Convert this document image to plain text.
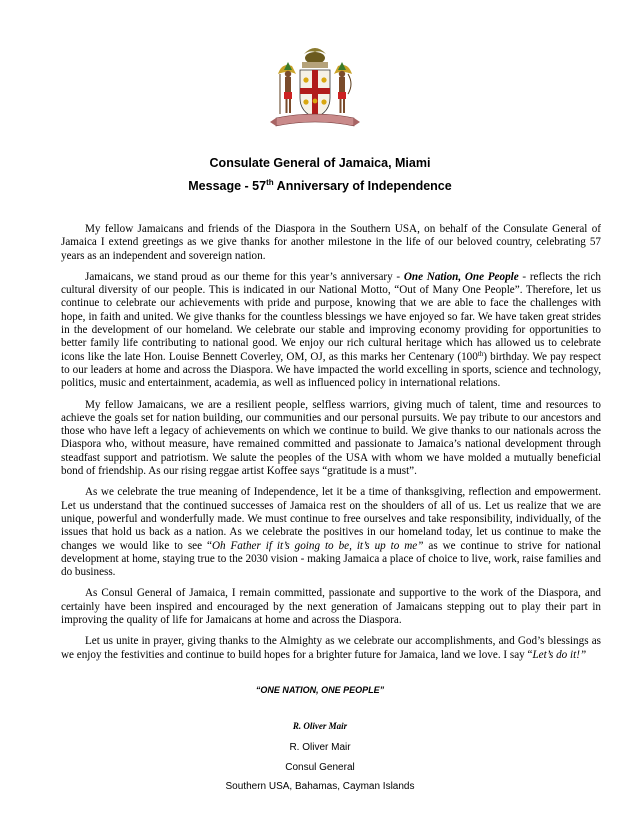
Consulate General of Jamaica, Miami
Message - 57th Anniversary of Independence

My fellow Jamaicans and friends of the Diaspora in the Southern USA, on behalf of the Consulate General of Jamaica I extend greetings as we give thanks for another milestone in the life of our beloved country, celebrating 57 years as an independent and sovereign nation.

Jamaicans, we stand proud as our theme for this year’s anniversary - One Nation, One People - reflects the rich cultural diversity of our people. This is indicated in our National Motto, “Out of Many One People”. Therefore, let us continue to celebrate our achievements with pride and purpose, knowing that we are able to face the challenges with hope, in faith and united. We give thanks for the countless blessings we have enjoyed so far. We have taken great strides in the development of our homeland. We celebrate our stable and improving economy providing for opportunities to better family life contributing to national good. We enjoy our rich cultural heritage which has allowed us to celebrate icons like the late Hon. Louise Bennett Coverley, OM, OJ, as this marks her Centenary (100th) birthday. We pay respect to our leaders at home and across the Diaspora. We have impacted the world excelling in sports, science and technology, politics, music and entertainment, academia, as well as influenced policy in international relations.

My fellow Jamaicans, we are a resilient people, selfless warriors, giving much of talent, time and resources to achieve the goals set for nation building, our communities and our personal pursuits. We pay tribute to our ancestors and those who have left a legacy of achievements on which we continue to build. We give thanks to our nationals across the Diaspora who, without measure, have remained committed and passionate to Jamaica’s national development through steadfast support and patriotism. We salute the peoples of the USA with whom we have molded a mutually beneficial bond of friendship. As our rising reggae artist Koffee says “gratitude is a must”.

As we celebrate the true meaning of Independence, let it be a time of thanksgiving, reflection and empowerment. Let us understand that the continued successes of Jamaica rest on the shoulders of all of us. Let us realize that we are unique, powerful and wonderfully made. We must continue to free ourselves and take responsibility, individually, of the issues that hold us back as a nation. As we celebrate the positives in our homeland today, let us continue to make the changes we would like to see “Oh Father if it’s going to be, it’s up to me” as we continue to strive for national development at home, staying true to the 2030 vision - making Jamaica a place of choice to live, work, raise families and do business.

As Consul General of Jamaica, I remain committed, passionate and supportive to the work of the Diaspora, and certainly have been inspired and encouraged by the next generation of Jamaicans stepping out to play their part in improving the quality of life for Jamaicans at home and across the Diaspora.

Let us unite in prayer, giving thanks to the Almighty as we celebrate our accomplishments, and God’s blessings as we enjoy the festivities and continue to build hopes for a brighter future for Jamaica, land we love. I say “Let’s do it!”

“ONE NATION, ONE PEOPLE”
R. Oliver Mair
R. Oliver Mair
Consul General
Southern USA, Bahamas, Cayman Islands
